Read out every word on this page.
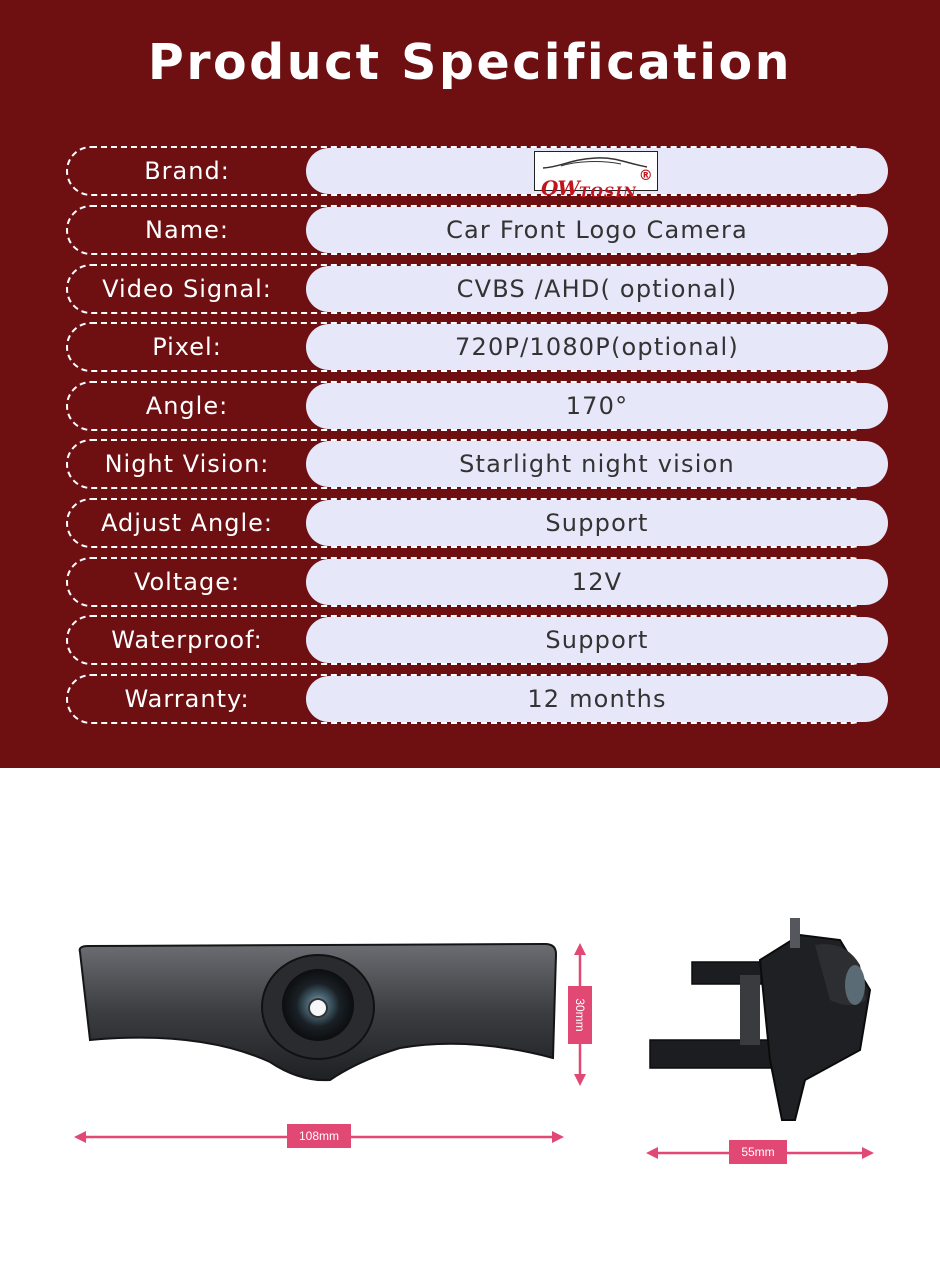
Product Specification
Brand:
OW TOSIN
®
Name:	Car Front Logo Camera
Video Signal:	CVBS /AHD( optional)
Pixel:	720P/1080P(optional)
Angle:	170°
Night Vision:	Starlight night vision
Adjust Angle:	Support
Voltage:	12V
Waterproof:	Support
Warranty:	12 months
108mm
30mm
55mm
